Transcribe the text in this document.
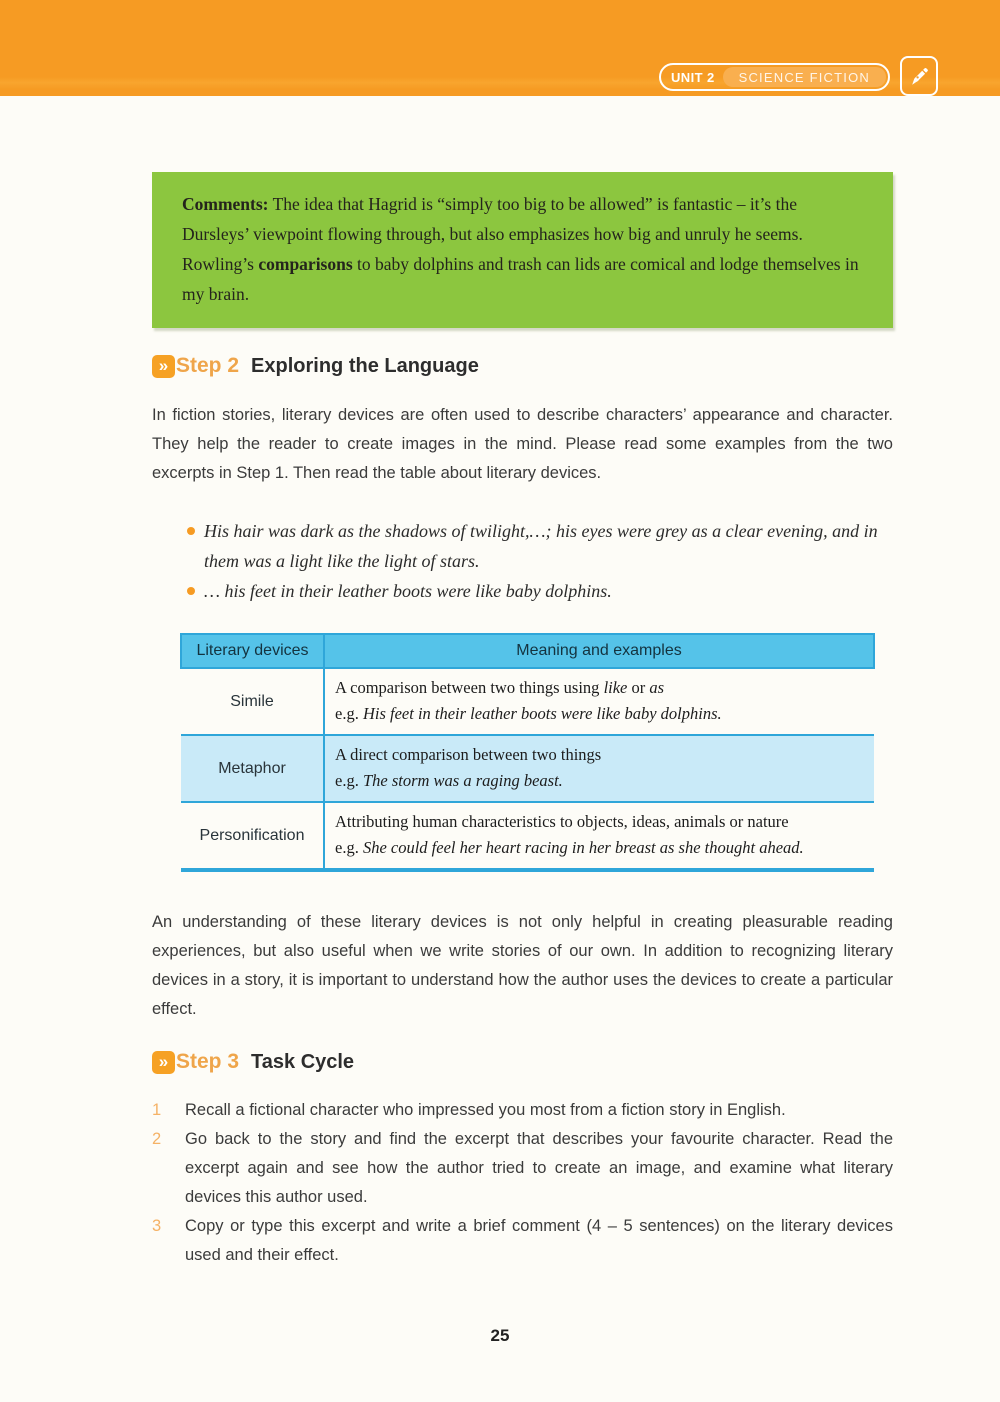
UNIT 2	SCIENCE FICTION
Comments: The idea that Hagrid is “simply too big to be allowed” is fantastic – it’s the Dursleys’ viewpoint flowing through, but also emphasizes how big and unruly he seems. Rowling’s comparisons to baby dolphins and trash can lids are comical and lodge themselves in my brain.
» Step 2 Exploring the Language

In fiction stories, literary devices are often used to describe characters’ appearance and character. They help the reader to create images in the mind. Please read some examples from the two excerpts in Step 1. Then read the table about literary devices.

His hair was dark as the shadows of twilight,…; his eyes were grey as a clear evening, and in them was a light like the light of stars.
… his feet in their leather boots were like baby dolphins.
Literary devices	Meaning and examples
Simile	A comparison between two things using like or as
e.g. His feet in their leather boots were like baby dolphins.
Metaphor	A direct comparison between two things
e.g. The storm was a raging beast.
Personification	Attributing human characteristics to objects, ideas, animals or nature
e.g. She could feel her heart racing in her breast as she thought ahead.

An understanding of these literary devices is not only helpful in creating pleasurable reading experiences, but also useful when we write stories of our own. In addition to recognizing literary devices in a story, it is important to understand how the author uses the devices to create a particular effect.

» Step 3 Task Cycle
1	Recall a fictional character who impressed you most from a fiction story in English.
2	Go back to the story and find the excerpt that describes your favourite character. Read the excerpt again and see how the author tried to create an image, and examine what literary devices this author used.
3	Copy or type this excerpt and write a brief comment (4 – 5 sentences) on the literary devices used and their effect.
25
